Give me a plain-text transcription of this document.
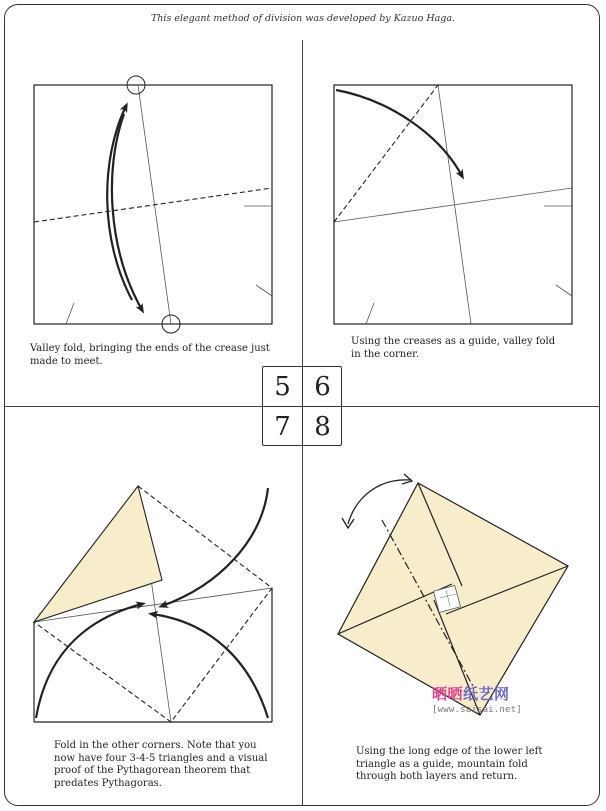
This elegant method of division was developed by Kazuo Haga.
Valley fold, bringing the ends of the crease just made to meet.
Using the creases as a guide, valley fold in the corner.
5 6
7 8
Fold in the other corners. Note that you now have four 3-4-5 triangles and a visual proof of the Pythagorean theorem that predates Pythagoras.
Using the long edge of the lower left triangle as a guide, mountain fold through both layers and return.
晒晒纸艺网
[www.saisai.net]
